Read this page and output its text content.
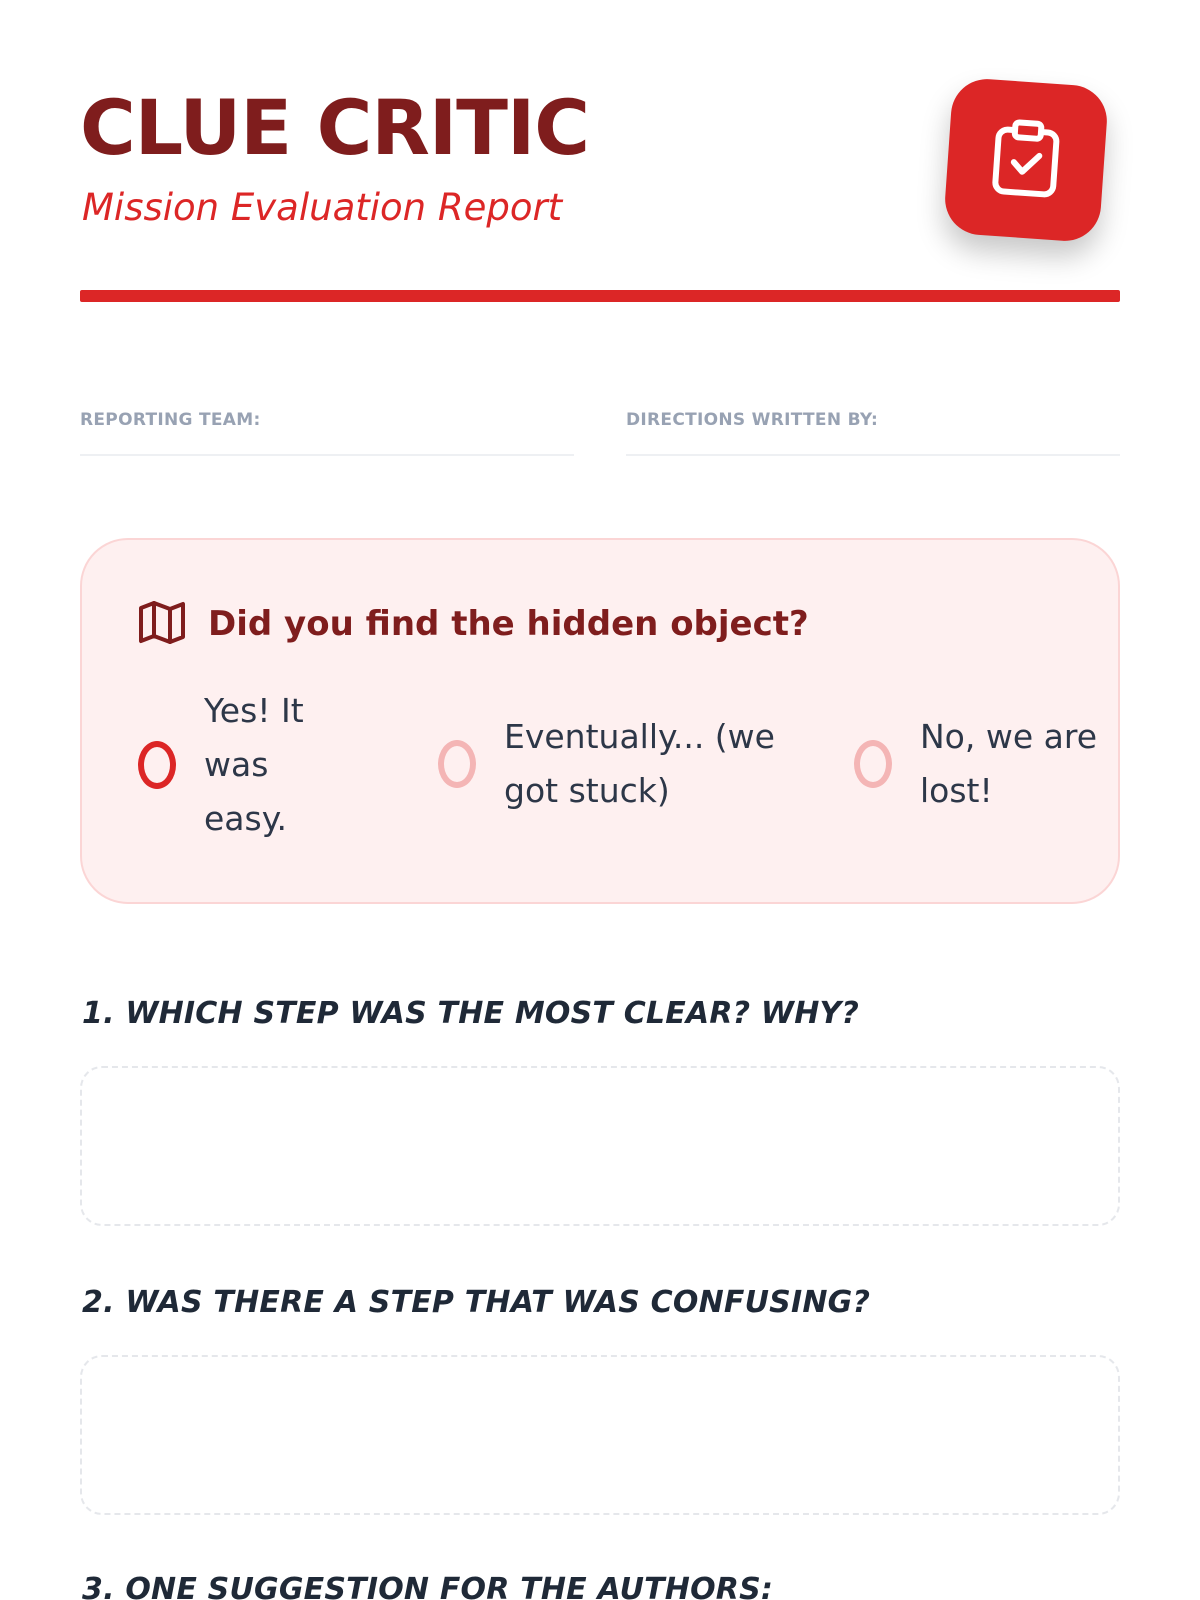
CLUE CRITIC
Mission Evaluation Report
REPORTING TEAM:	DIRECTIONS WRITTEN BY:
Did you find the hidden object?
Yes! It was easy.
Eventually... (we got stuck)
No, we are lost!
1. WHICH STEP WAS THE MOST CLEAR? WHY?
2. WAS THERE A STEP THAT WAS CONFUSING?
3. ONE SUGGESTION FOR THE AUTHORS:
